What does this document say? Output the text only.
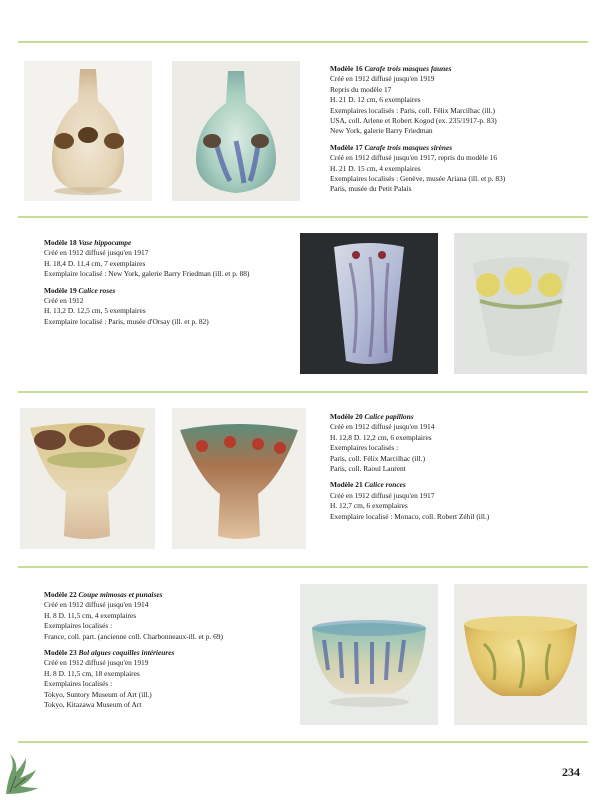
Modèle 16 Carafe trois masques faunes
Créé en 1912 diffusé jusqu'en 1919
Repris du modèle 17
H. 21 D. 12 cm, 6 exemplaires
Exemplaires localisés : Paris, coll. Félix Marcilhac (ill.)
USA, coll. Arlene et Robert Kogod (ex. 235/1917-p. 83)
New York, galerie Barry Friedman
Modèle 17 Carafe trois masques sirènes
Créé en 1912 diffusé jusqu'en 1917, repris du modèle 16
H. 21 D. 15 cm, 4 exemplaires
Exemplaires localisés : Genève, musée Ariana (ill. et p. 83)
Paris, musée du Petit Palais
Modèle 18 Vase hippocampe
Créé en 1912 diffusé jusqu'en 1917
H. 18,4 D. 11,4 cm, 7 exemplaires
Exemplaire localisé : New York, galerie Barry Friedman (ill. et p. 88)
Modèle 19 Calice roses
Créé en 1912
H. 13,2 D. 12,5 cm, 5 exemplaires
Exemplaire localisé : Paris, musée d'Orsay (ill. et p. 82)
Modèle 20 Calice papillons
Créé en 1912 diffusé jusqu'en 1914
H. 12,8 D. 12,2 cm, 6 exemplaires
Exemplaires localisés :
Paris, coll. Félix Marcilhac (ill.)
Paris, coll. Raoul Laurent
Modèle 21 Calice ronces
Créé en 1912 diffusé jusqu'en 1917
H. 12,7 cm, 6 exemplaires
Exemplaire localisé : Monaco, coll. Robert Zéhil (ill.)
Modèle 22 Coupe mimosas et punaises
Créé en 1912 diffusé jusqu'en 1914
H. 8 D. 11,5 cm, 4 exemplaires
Exemplaires localisés :
France, coll. part. (ancienne coll. Charbonneaux-ill. et p. 69)
Modèle 23 Bol algues coquilles intérieures
Créé en 1912 diffusé jusqu'en 1919
H. 8 D. 11,5 cm, 18 exemplaires
Exemplaires localisés :
Tokyo, Suntory Museum of Art (ill.)
Tokyo, Kitazawa Museum of Art
234
